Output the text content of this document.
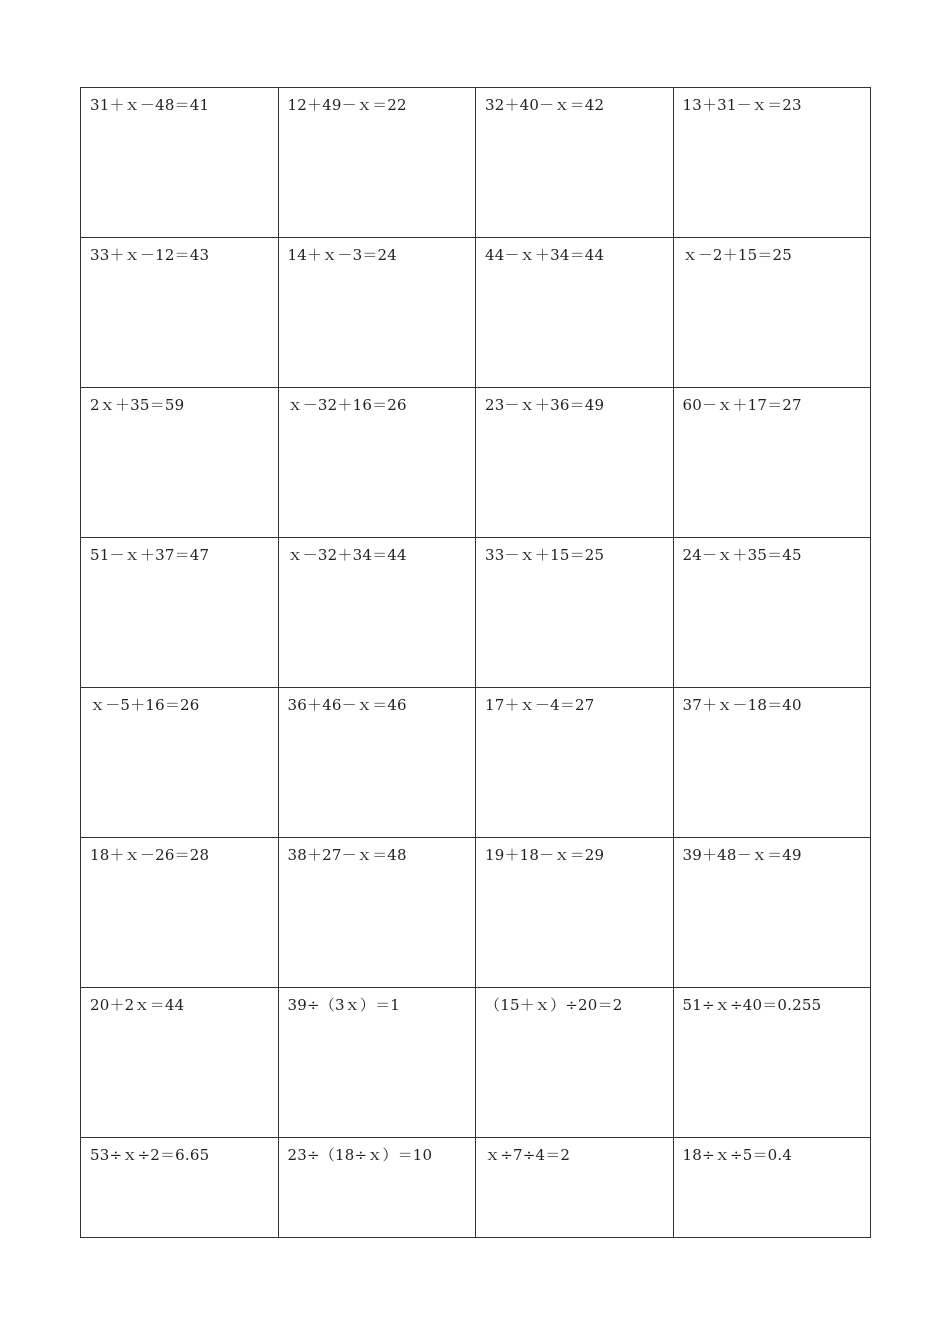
31＋ｘ－48＝41	12＋49－ｘ＝22	32＋40－ｘ＝42	13＋31－ｘ＝23
33＋ｘ－12＝43	14＋ｘ－3＝24	44－ｘ＋34＝44	ｘ－2＋15＝25
2ｘ＋35＝59	ｘ－32＋16＝26	23－ｘ＋36＝49	60－ｘ＋17＝27
51－ｘ＋37＝47	ｘ－32＋34＝44	33－ｘ＋15＝25	24－ｘ＋35＝45
ｘ－5＋16＝26	36＋46－ｘ＝46	17＋ｘ－4＝27	37＋ｘ－18＝40
18＋ｘ－26＝28	38＋27－ｘ＝48	19＋18－ｘ＝29	39＋48－ｘ＝49
20＋2ｘ＝44	39÷（3ｘ）＝1	（15＋ｘ）÷20＝2	51÷ｘ÷40＝0.255
53÷ｘ÷2＝6.65	23÷（18÷ｘ）＝10	ｘ÷7÷4＝2	18÷ｘ÷5＝0.4
